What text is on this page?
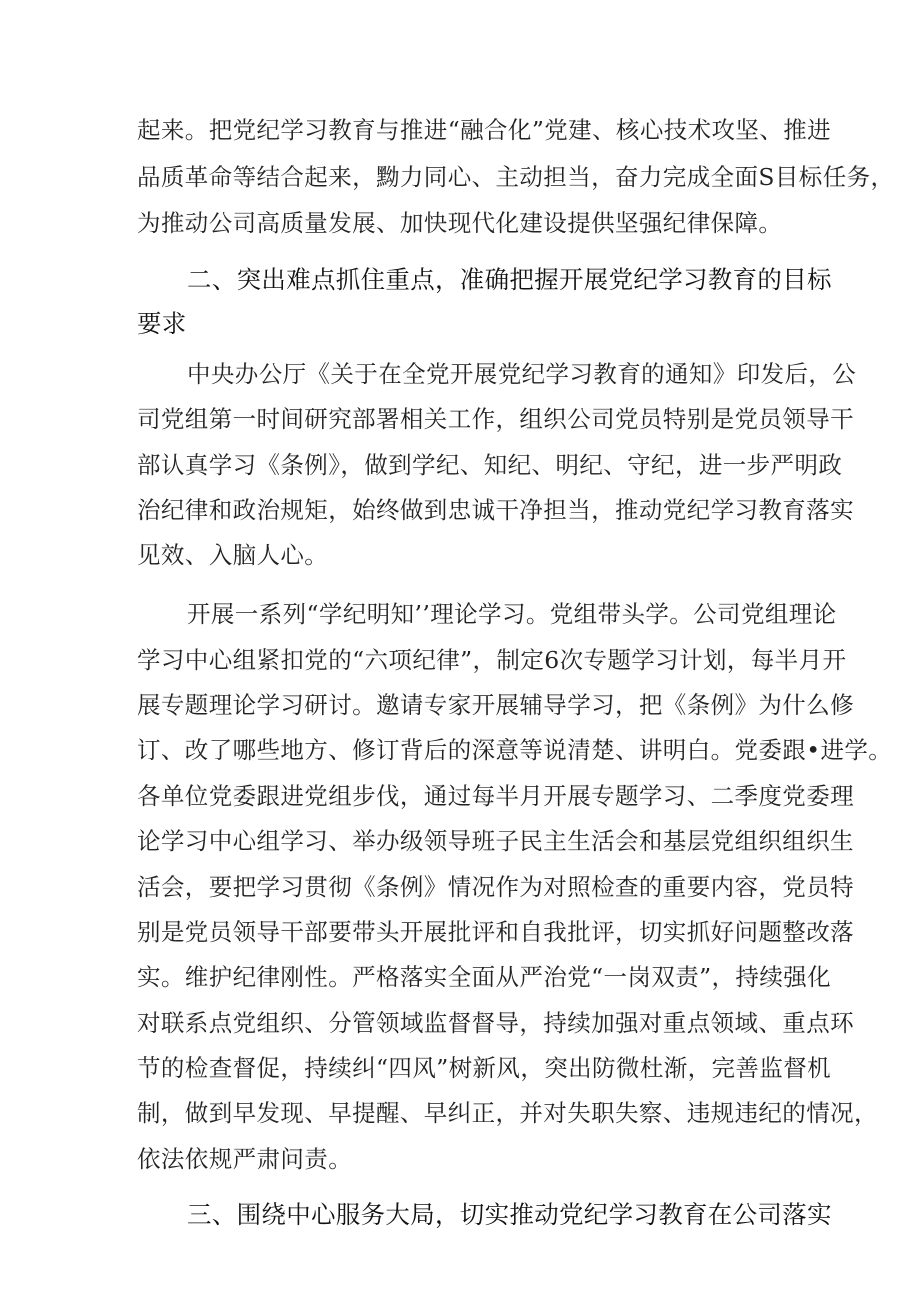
起来。把党纪学习教育与推进“融合化”党建、核心技术攻坚、推进
品质革命等结合起来，黝力同心、主动担当，奋力完成全面S目标任务，
为推动公司高质量发展、加快现代化建设提供坚强纪律保障。
二、突出难点抓住重点，准确把握开展党纪学习教育的目标
要求
中央办公厅《关于在全党开展党纪学习教育的通知》印发后，公
司党组第一时间研究部署相关工作，组织公司党员特别是党员领导干
部认真学习《条例》，做到学纪、知纪、明纪、守纪，进一步严明政
治纪律和政治规矩，始终做到忠诚干净担当，推动党纪学习教育落实
见效、入脑人心。
开展一系列“学纪明知’’理论学习。党组带头学。公司党组理论
学习中心组紧扣党的“六项纪律”，制定6次专题学习计划，每半月开
展专题理论学习研讨。邀请专家开展辅导学习，把《条例》为什么修
订、改了哪些地方、修订背后的深意等说清楚、讲明白。党委跟•进学。
各单位党委跟进党组步伐，通过每半月开展专题学习、二季度党委理
论学习中心组学习、举办级领导班子民主生活会和基层党组织组织生
活会，要把学习贯彻《条例》情况作为对照检查的重要内容，党员特
别是党员领导干部要带头开展批评和自我批评，切实抓好问题整改落
实。维护纪律刚性。严格落实全面从严治党“一岗双责”，持续强化
对联系点党组织、分管领域监督督导，持续加强对重点领域、重点环
节的检查督促，持续纠“四风”树新风，突出防微杜渐，完善监督机
制，做到早发现、早提醒、早纠正，并对失职失察、违规违纪的情况，
依法依规严肃问责。
三、围绕中心服务大局，切实推动党纪学习教育在公司落实
